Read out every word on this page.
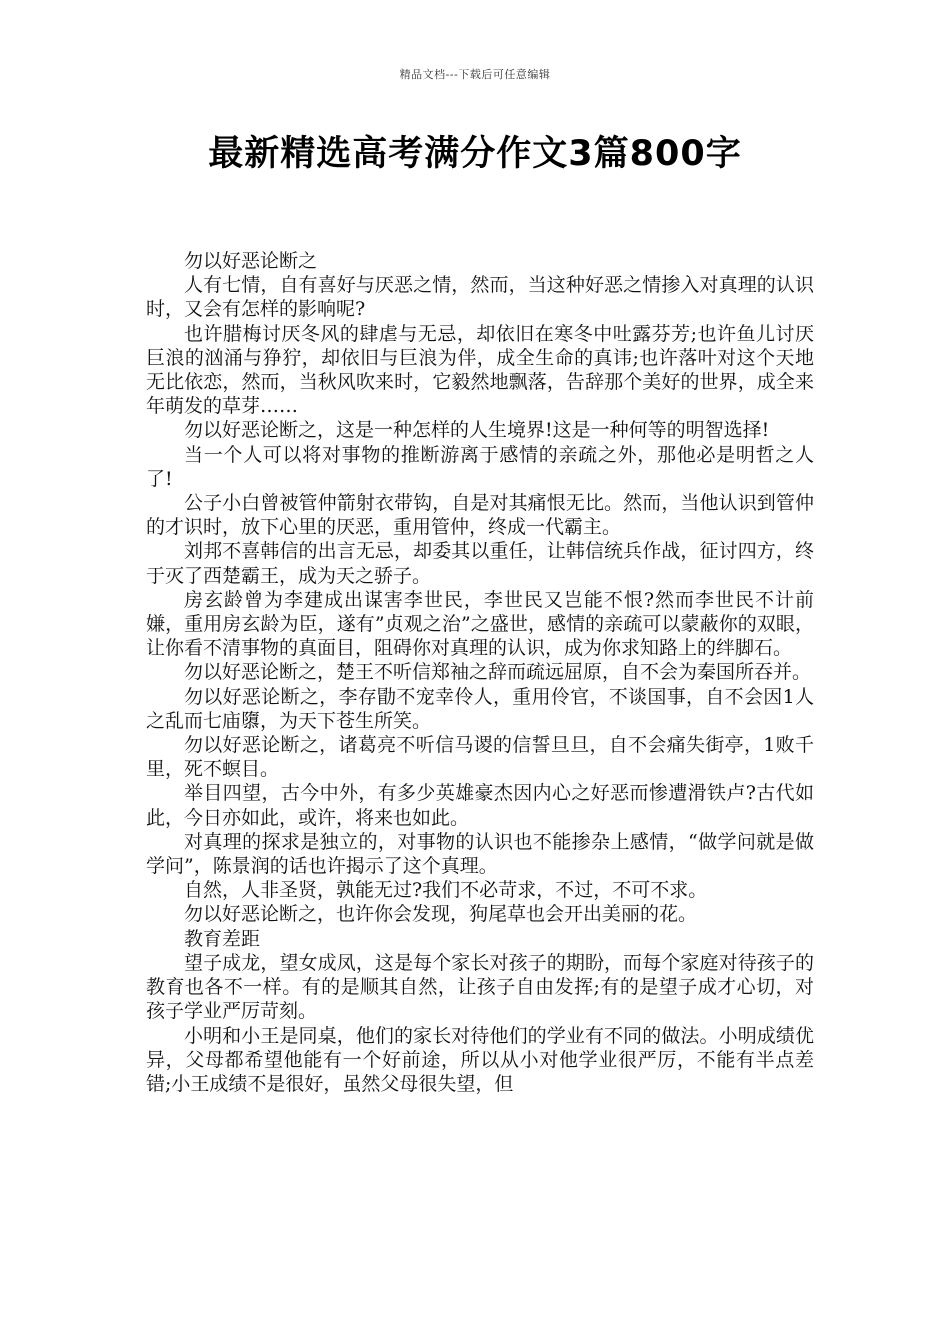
精品文档---下载后可任意编辑
最新精选高考满分作文3篇800字

勿以好恶论断之

人有七情，自有喜好与厌恶之情，然而，当这种好恶之情掺入对真理的认识时，又会有怎样的影响呢?

也许腊梅讨厌冬风的肆虐与无忌，却依旧在寒冬中吐露芬芳;也许鱼儿讨厌巨浪的汹涌与狰狞，却依旧与巨浪为伴，成全生命的真讳;也许落叶对这个天地无比依恋，然而，当秋风吹来时，它毅然地飘落，告辞那个美好的世界，成全来年萌发的草芽……

勿以好恶论断之，这是一种怎样的人生境界!这是一种何等的明智选择!

当一个人可以将对事物的推断游离于感情的亲疏之外，那他必是明哲之人了!

公子小白曾被管仲箭射衣带钩，自是对其痛恨无比。然而，当他认识到管仲的才识时，放下心里的厌恶，重用管仲，终成一代霸主。

刘邦不喜韩信的出言无忌，却委其以重任，让韩信统兵作战，征讨四方，终于灭了西楚霸王，成为天之骄子。

房玄龄曾为李建成出谋害李世民，李世民又岂能不恨?然而李世民不计前嫌，重用房玄龄为臣，遂有”贞观之治”之盛世，感情的亲疏可以蒙蔽你的双眼，让你看不清事物的真面目，阻碍你对真理的认识，成为你求知路上的绊脚石。

勿以好恶论断之，楚王不听信郑袖之辞而疏远屈原，自不会为秦国所吞并。

勿以好恶论断之，李存勖不宠幸伶人，重用伶官，不谈国事，自不会因1人之乱而七庙隳，为天下苍生所笑。

勿以好恶论断之，诸葛亮不听信马谡的信誓旦旦，自不会痛失街亭，1败千里，死不螟目。

举目四望，古今中外，有多少英雄豪杰因内心之好恶而惨遭滑铁卢?古代如此，今日亦如此，或许，将来也如此。

对真理的探求是独立的，对事物的认识也不能掺杂上感情，“做学问就是做学问”，陈景润的话也许揭示了这个真理。

自然，人非圣贤，孰能无过?我们不必苛求，不过，不可不求。

勿以好恶论断之，也许你会发现，狗尾草也会开出美丽的花。

教育差距

望子成龙，望女成凤，这是每个家长对孩子的期盼，而每个家庭对待孩子的教育也各不一样。有的是顺其自然，让孩子自由发挥;有的是望子成才心切，对孩子学业严厉苛刻。

小明和小王是同桌，他们的家长对待他们的学业有不同的做法。小明成绩优异，父母都希望他能有一个好前途，所以从小对他学业很严厉，不能有半点差错;小王成绩不是很好，虽然父母很失望，但
